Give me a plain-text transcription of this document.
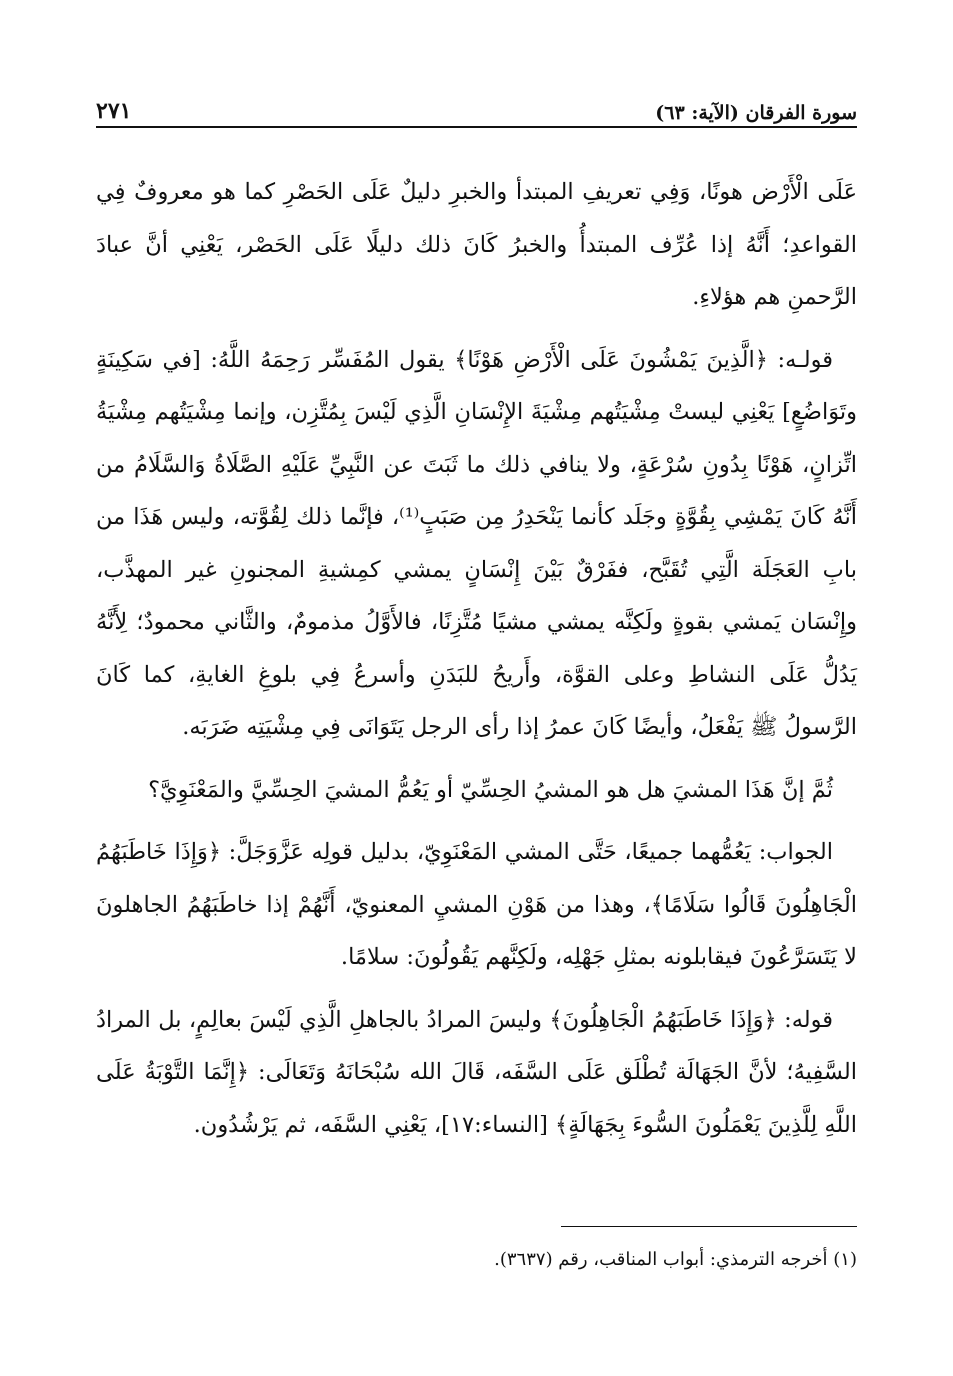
سورة الفرقان (الآية: ٦٣)
٢٧١

عَلَى الْأَرْض هونًا، وَفِي تعريفِ المبتدأ والخبرِ دليلٌ عَلَى الحَصْرِ كما هو معروفٌ فِي القواعدِ؛ أَنَّهُ إذا عُرِّف المبتدأُ والخبرُ كَانَ ذلك دليلًا عَلَى الحَصْر، يَعْنِي أنَّ عبادَ الرَّحمنِ هم هؤلاءِ.

قولـه: ﴿الَّذِينَ يَمْشُونَ عَلَى الْأَرْضِ هَوْنًا﴾ يقول المُفَسِّر رَحِمَهُ اللَّهُ: [في سَكِينَةٍ وتَوَاضُعٍ] يَعْنِي ليستْ مِشْيَتُهم مِشْيَةَ الإِنْسَانِ الَّذِي لَيْسَ بِمُتَّزِن، وإنما مِشْيَتُهم مِشْيَةُ اتِّزانٍ، هَوْنًا بِدُونِ سُرْعَةٍ، ولا ينافي ذلك ما ثَبَتَ عن النَّبِيِّ عَلَيْهِ الصَّلَاةُ وَالسَّلَامُ من أَنَّهُ كَانَ يَمْشِي بِقُوَّةٍ وجَلَد كأنما يَنْحَدِرُ مِن صَبَبٍ⁽¹⁾، فإنَّما ذلك لِقُوَّته، وليس هَذَا من بابِ العَجَلَة الَّتِي تُقَبَّح، ففَرْقٌ بَيْنَ إِنْسَانٍ يمشي كمِشيةِ المجنونِ غير المهذَّب، وإِنْسَان يَمشي بقوةٍ ولَكِنَّه يمشي مشيًا مُتَّزِنًا، فالأَوَّلُ مذمومٌ، والثَّاني محمودٌ؛ لِأَنَّهُ يَدُلُّ عَلَى النشاطِ وعلى القوَّة، وأَريحُ للبَدَنِ وأسرعُ فِي بلوغِ الغايةِ، كما كَانَ الرَّسولُ ﷺ يَفْعَلُ، وأيضًا كَانَ عمرُ إذا رأى الرجل يَتَوَانَى فِي مِشْيَتِه ضَرَبَه.

ثُمَّ إنَّ هَذَا المشيَ هل هو المشيُ الحِسِّيّ أو يَعُمُّ المشيَ الحِسِّيَّ والمَعْنَوِيَّ؟

الجواب: يَعُمُّهما جميعًا، حَتَّى المشي المَعْنَوِيّ، بدليل قولِه عَزَّوَجَلَّ: ﴿وَإِذَا خَاطَبَهُمُ الْجَاهِلُونَ قَالُوا سَلَامًا﴾، وهذا من هَوْنِ المشيِ المعنويّ، أَنَّهُمْ إذا خاطَبَهُمُ الجاهلونَ لا يَتَسَرَّعُونَ فيقابلونه بمثلِ جَهْلِه، ولَكِنَّهم يَقُولُونَ: سلامًا.

قوله: ﴿وَإِذَا خَاطَبَهُمُ الْجَاهِلُونَ﴾ وليسَ المرادُ بالجاهلِ الَّذِي لَيْسَ بعالِمٍ، بل المرادُ السَّفِيهُ؛ لأنَّ الجَهَالَة تُطْلَق عَلَى السَّفَه، قَالَ الله سُبْحَانَهُ وَتَعَالَى: ﴿إِنَّمَا التَّوْبَةُ عَلَى اللَّهِ لِلَّذِينَ يَعْمَلُونَ السُّوءَ بِجَهَالَةٍ﴾ [النساء:١٧]، يَعْنِي السَّفَه، ثم يَرْشُدُون.

(١) أخرجه الترمذي: أبواب المناقب، رقم (٣٦٣٧).
